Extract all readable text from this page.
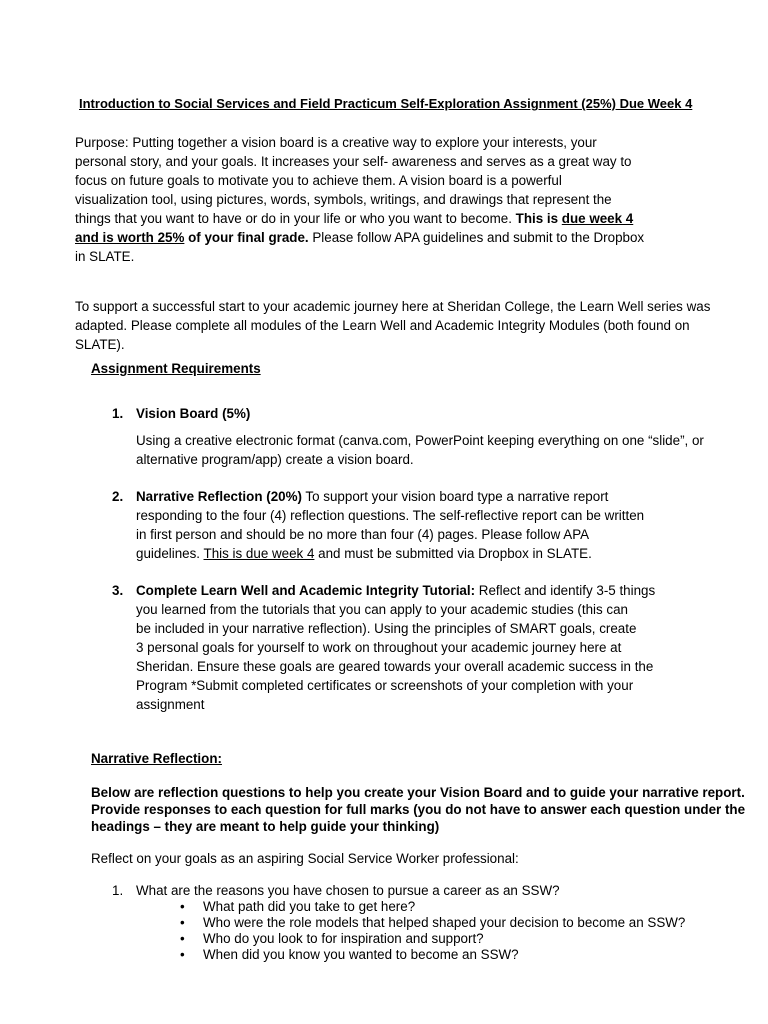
Introduction to Social Services and Field Practicum Self-Exploration Assignment (25%) Due Week 4
Purpose: Putting together a vision board is a creative way to explore your interests, your
personal story, and your goals. It increases your self- awareness and serves as a great way to
focus on future goals to motivate you to achieve them. A vision board is a powerful
visualization tool, using pictures, words, symbols, writings, and drawings that represent the
things that you want to have or do in your life or who you want to become. This is due week 4
and is worth 25% of your final grade. Please follow APA guidelines and submit to the Dropbox
in SLATE.
To support a successful start to your academic journey here at Sheridan College, the Learn Well series was
adapted. Please complete all modules of the Learn Well and Academic Integrity Modules (both found on
SLATE).
Assignment Requirements
1. Vision Board (5%)
Using a creative electronic format (canva.com, PowerPoint keeping everything on one “slide”, or
alternative program/app) create a vision board.
2. Narrative Reflection (20%) To support your vision board type a narrative report
responding to the four (4) reflection questions. The self-reflective report can be written
in first person and should be no more than four (4) pages. Please follow APA
guidelines. This is due week 4 and must be submitted via Dropbox in SLATE.
3. Complete Learn Well and Academic Integrity Tutorial: Reflect and identify 3-5 things
you learned from the tutorials that you can apply to your academic studies (this can
be included in your narrative reflection). Using the principles of SMART goals, create
3 personal goals for yourself to work on throughout your academic journey here at
Sheridan. Ensure these goals are geared towards your overall academic success in the
Program *Submit completed certificates or screenshots of your completion with your
assignment
Narrative Reflection:
Below are reflection questions to help you create your Vision Board and to guide your narrative report.
Provide responses to each question for full marks (you do not have to answer each question under the
headings – they are meant to help guide your thinking)
Reflect on your goals as an aspiring Social Service Worker professional:
1. What are the reasons you have chosen to pursue a career as an SSW?
•	What path did you take to get here?
•	Who were the role models that helped shaped your decision to become an SSW?
•	Who do you look to for inspiration and support?
•	When did you know you wanted to become an SSW?
